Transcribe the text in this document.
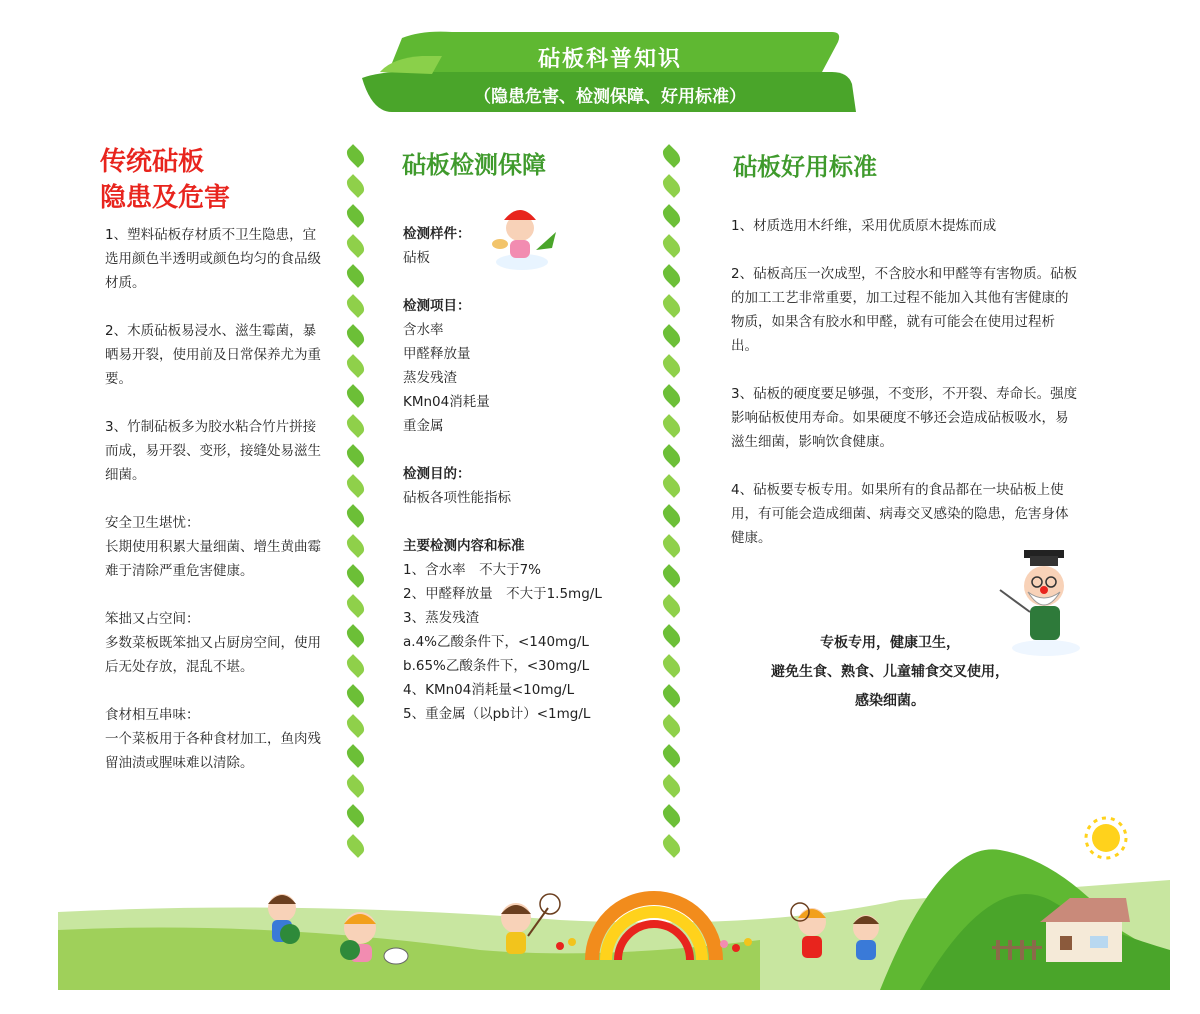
砧板科普知识
（隐患危害、检测保障、好用标准）
传统砧板
隐患及危害

1、塑料砧板存材质不卫生隐患，宜选用颜色半透明或颜色均匀的食品级材质。

2、木质砧板易浸水、滋生霉菌，暴晒易开裂，使用前及日常保养尤为重要。

3、竹制砧板多为胶水粘合竹片拼接而成，易开裂、变形，接缝处易滋生细菌。

安全卫生堪忧：
长期使用积累大量细菌、增生黄曲霉难于清除严重危害健康。

笨拙又占空间：
多数菜板既笨拙又占厨房空间，使用后无处存放，混乱不堪。

食材相互串味：
一个菜板用于各种食材加工，鱼肉残留油渍或腥味难以清除。

砧板检测保障
检测样件：
砧板
检测项目：
含水率
甲醛释放量
蒸发残渣
KMn04消耗量
重金属
检测目的：
砧板各项性能指标
主要检测内容和标准
1、含水率　不大于7%
2、甲醛释放量　不大于1.5mg/L
3、蒸发残渣
a.4%乙酸条件下，<140mg/L
b.65%乙酸条件下，<30mg/L
4、KMn04消耗量<10mg/L
5、重金属（以pb计）<1mg/L
砧板好用标准

1、材质选用木纤维，采用优质原木提炼而成

2、砧板高压一次成型，不含胶水和甲醛等有害物质。砧板的加工工艺非常重要，加工过程不能加入其他有害健康的物质，如果含有胶水和甲醛，就有可能会在使用过程析出。

3、砧板的硬度要足够强，不变形，不开裂、寿命长。强度影响砧板使用寿命。如果硬度不够还会造成砧板吸水，易滋生细菌，影响饮食健康。

4、砧板要专板专用。如果所有的食品都在一块砧板上使用，有可能会造成细菌、病毒交叉感染的隐患，危害身体健康。

专板专用，健康卫生，
避免生食、熟食、儿童辅食交叉使用，
感染细菌。
